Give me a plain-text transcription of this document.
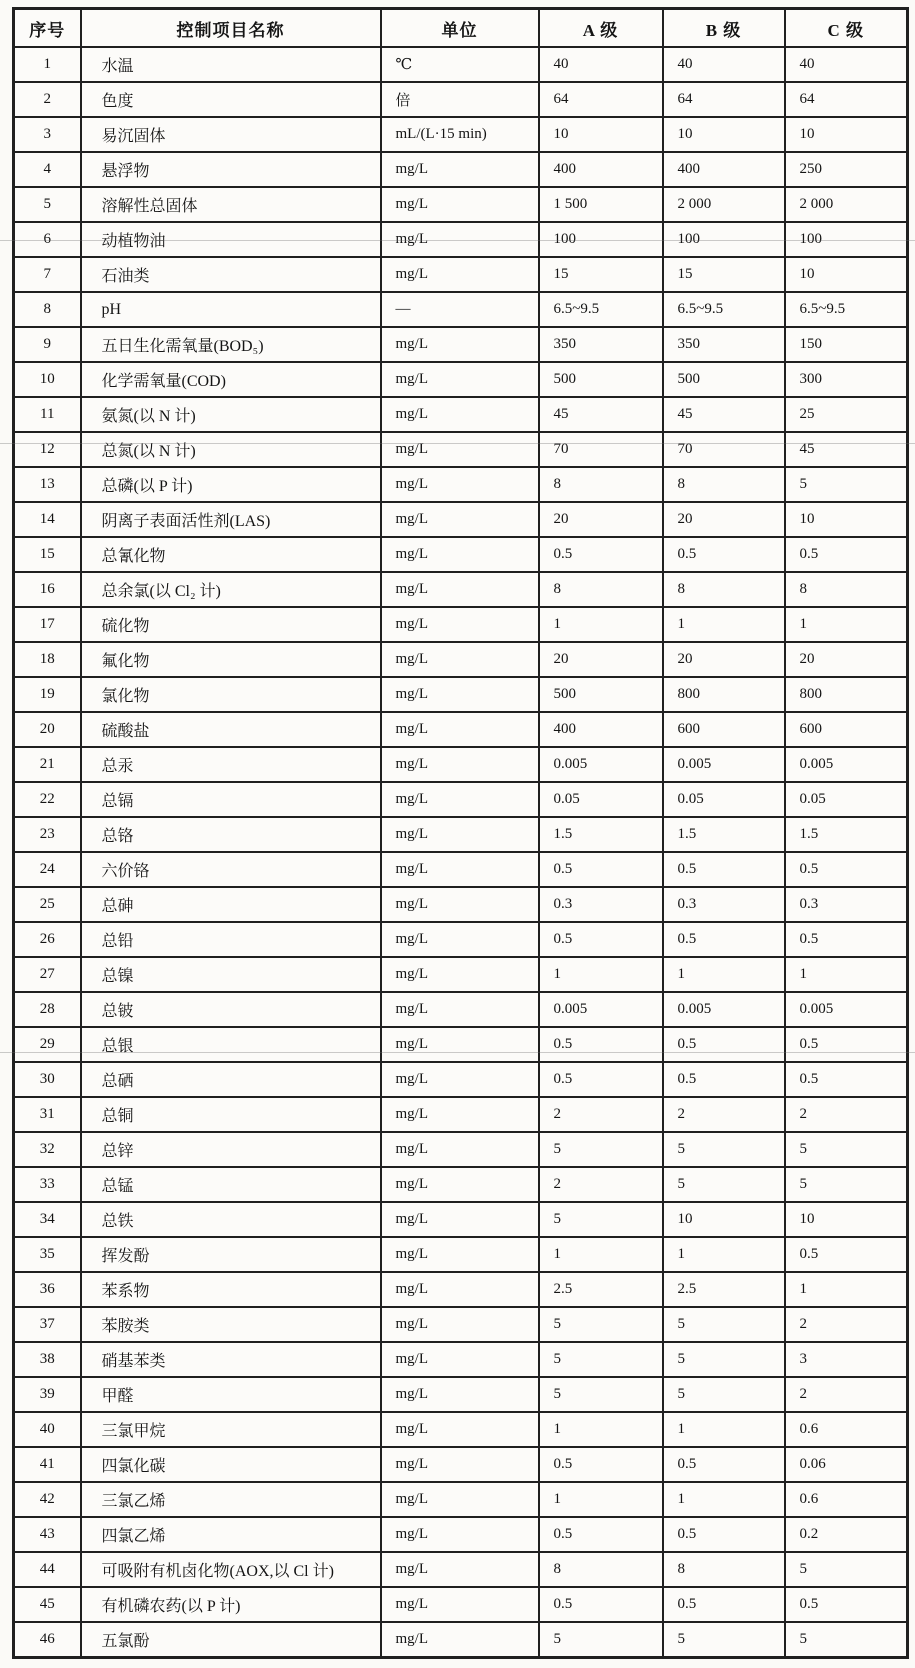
序号	控制项目名称	单位	A 级	B 级	C 级
1	水温	℃	40	40	40
2	色度	倍	64	64	64
3	易沉固体	mL/(L·15 min)	10	10	10
4	悬浮物	mg/L	400	400	250
5	溶解性总固体	mg/L	1 500	2 000	2 000
6	动植物油	mg/L	100	100	100
7	石油类	mg/L	15	15	10
8	pH	—	6.5~9.5	6.5~9.5	6.5~9.5
9	五日生化需氧量(BOD₅)	mg/L	350	350	150
10	化学需氧量(COD)	mg/L	500	500	300
11	氨氮(以 N 计)	mg/L	45	45	25
12	总氮(以 N 计)	mg/L	70	70	45
13	总磷(以 P 计)	mg/L	8	8	5
14	阴离子表面活性剂(LAS)	mg/L	20	20	10
15	总氰化物	mg/L	0.5	0.5	0.5
16	总余氯(以 Cl₂ 计)	mg/L	8	8	8
17	硫化物	mg/L	1	1	1
18	氟化物	mg/L	20	20	20
19	氯化物	mg/L	500	800	800
20	硫酸盐	mg/L	400	600	600
21	总汞	mg/L	0.005	0.005	0.005
22	总镉	mg/L	0.05	0.05	0.05
23	总铬	mg/L	1.5	1.5	1.5
24	六价铬	mg/L	0.5	0.5	0.5
25	总砷	mg/L	0.3	0.3	0.3
26	总铅	mg/L	0.5	0.5	0.5
27	总镍	mg/L	1	1	1
28	总铍	mg/L	0.005	0.005	0.005
29	总银	mg/L	0.5	0.5	0.5
30	总硒	mg/L	0.5	0.5	0.5
31	总铜	mg/L	2	2	2
32	总锌	mg/L	5	5	5
33	总锰	mg/L	2	5	5
34	总铁	mg/L	5	10	10
35	挥发酚	mg/L	1	1	0.5
36	苯系物	mg/L	2.5	2.5	1
37	苯胺类	mg/L	5	5	2
38	硝基苯类	mg/L	5	5	3
39	甲醛	mg/L	5	5	2
40	三氯甲烷	mg/L	1	1	0.6
41	四氯化碳	mg/L	0.5	0.5	0.06
42	三氯乙烯	mg/L	1	1	0.6
43	四氯乙烯	mg/L	0.5	0.5	0.2
44	可吸附有机卤化物(AOX,以 Cl 计)	mg/L	8	8	5
45	有机磷农药(以 P 计)	mg/L	0.5	0.5	0.5
46	五氯酚	mg/L	5	5	5
